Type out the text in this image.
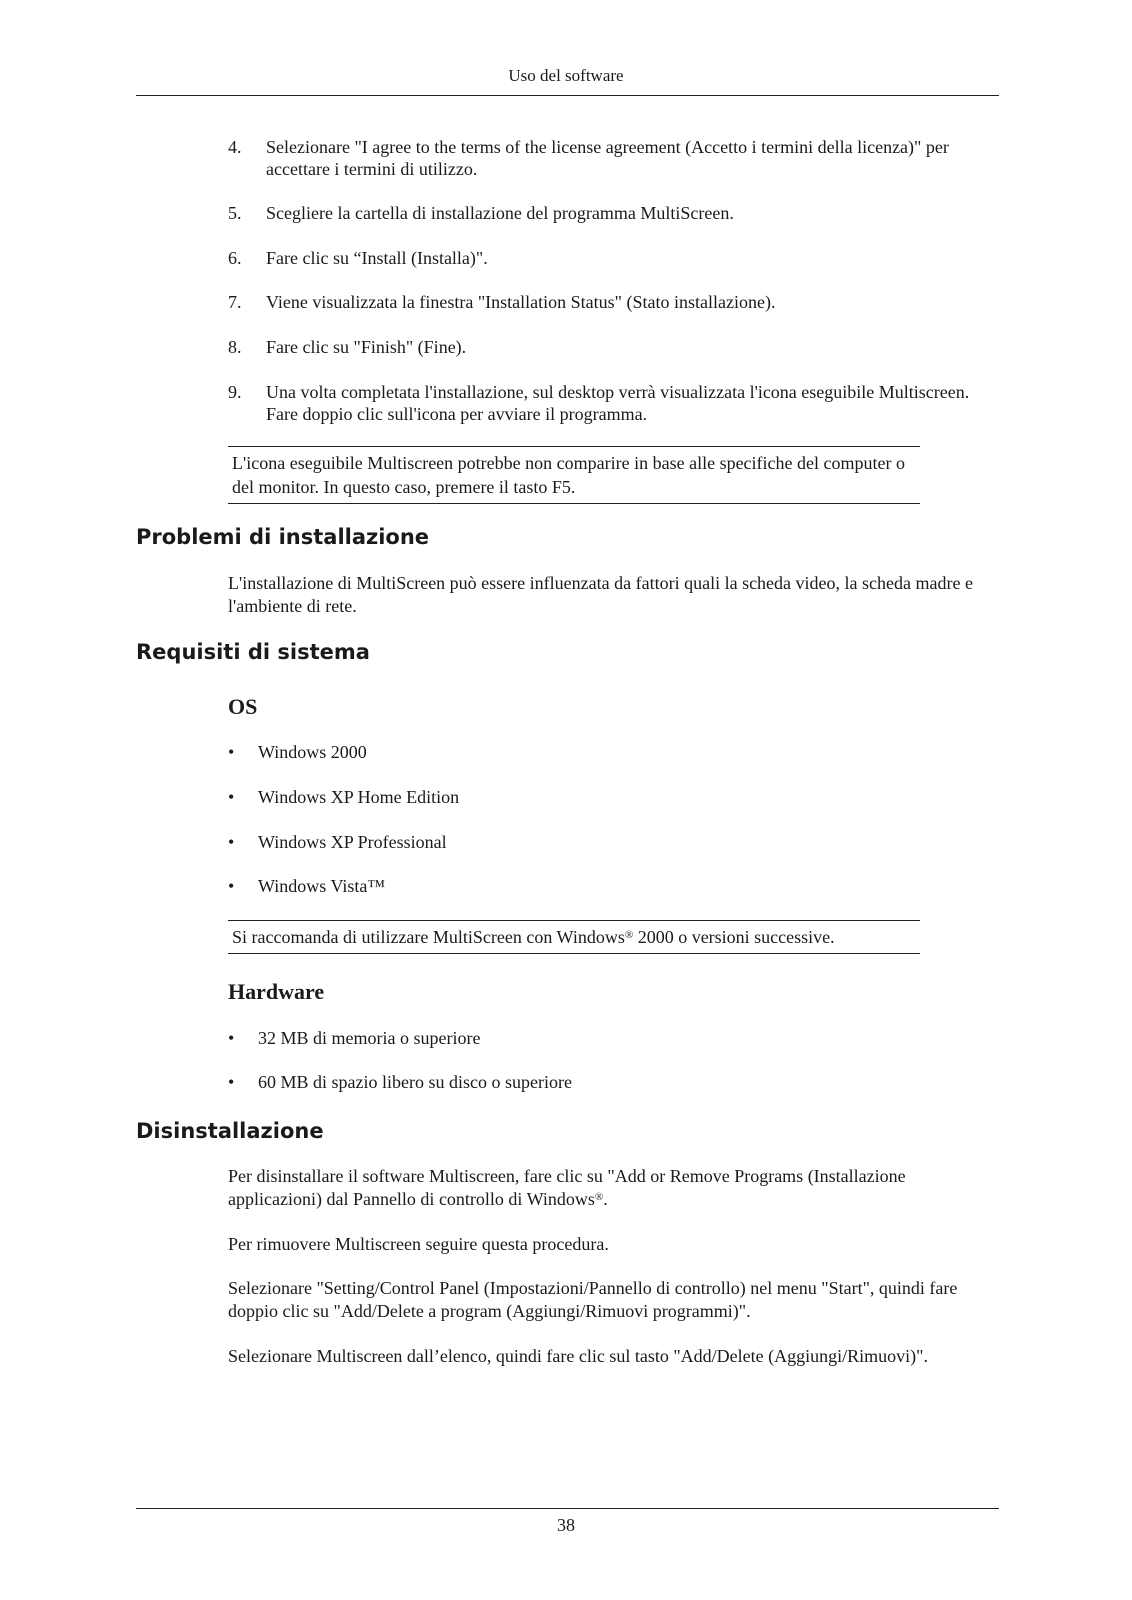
Uso del software
4. Selezionare "I agree to the terms of the license agreement (Accetto i termini della licenza)" per accettare i termini di utilizzo.
5. Scegliere la cartella di installazione del programma MultiScreen.
6. Fare clic su “Install (Installa)".
7. Viene visualizzata la finestra "Installation Status" (Stato installazione).
8. Fare clic su "Finish" (Fine).
9. Una volta completata l'installazione, sul desktop verrà visualizzata l'icona eseguibile Multiscreen. Fare doppio clic sull'icona per avviare il programma.
L'icona eseguibile Multiscreen potrebbe non comparire in base alle specifiche del computer o del monitor. In questo caso, premere il tasto F5.
Problemi di installazione
L'installazione di MultiScreen può essere influenzata da fattori quali la scheda video, la scheda madre e l'ambiente di rete.
Requisiti di sistema
OS
• Windows 2000
• Windows XP Home Edition
• Windows XP Professional
• Windows Vista™
Si raccomanda di utilizzare MultiScreen con Windows® 2000 o versioni successive.
Hardware
• 32 MB di memoria o superiore
• 60 MB di spazio libero su disco o superiore
Disinstallazione
Per disinstallare il software Multiscreen, fare clic su "Add or Remove Programs (Installazione applicazioni) dal Pannello di controllo di Windows®.
Per rimuovere Multiscreen seguire questa procedura.
Selezionare "Setting/Control Panel (Impostazioni/Pannello di controllo) nel menu "Start", quindi fare doppio clic su "Add/Delete a program (Aggiungi/Rimuovi programmi)".
Selezionare Multiscreen dall’elenco, quindi fare clic sul tasto "Add/Delete (Aggiungi/Rimuovi)".
38
